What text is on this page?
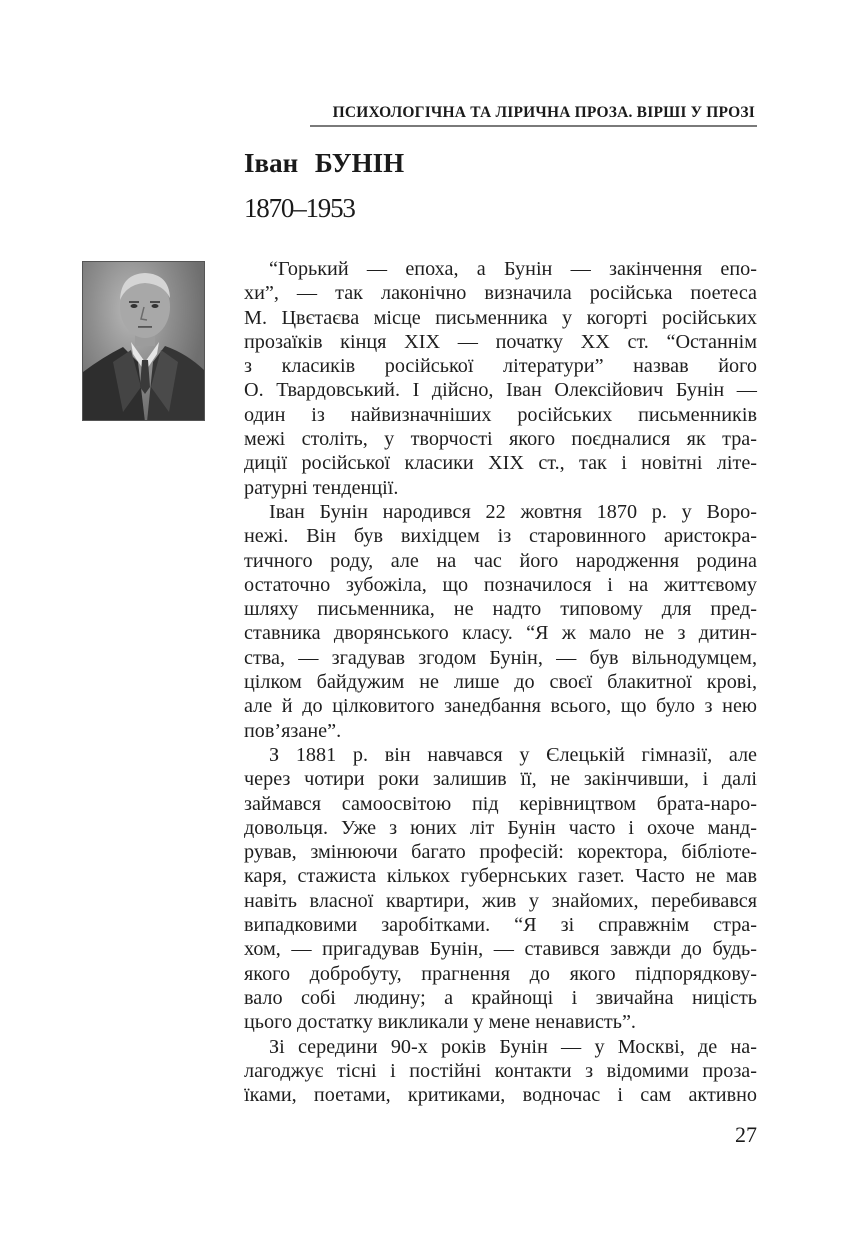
ПСИХОЛОГІЧНА ТА ЛІРИЧНА ПРОЗА. ВІРШІ У ПРОЗІ
Іван БУНІН
1870–1953
“Горький — епоха, а Бунін — закінчення епо-
хи”, — так лаконічно визначила російська поетеса
М. Цвєтаєва місце письменника у когорті російських
прозаїків кінця XIX — початку XX ст. “Останнім
з класиків російської літератури” назвав його
О. Твардовський. І дійсно, Іван Олексійович Бунін —
один із найвизначніших російських письменників
межі століть, у творчості якого поєдналися як тра-
диції російської класики XIX ст., так і новітні літе-
ратурні тенденції.
Іван Бунін народився 22 жовтня 1870 р. у Воро-
нежі. Він був вихідцем із старовинного аристокра-
тичного роду, але на час його народження родина
остаточно зубожіла, що позначилося і на життєвому
шляху письменника, не надто типовому для пред-
ставника дворянського класу. “Я ж мало не з дитин-
ства, — згадував згодом Бунін, — був вільнодумцем,
цілком байдужим не лише до своєї блакитної крові,
але й до цілковитого занедбання всього, що було з нею
пов’язане”.
З 1881 р. він навчався у Єлецькій гімназії, але
через чотири роки залишив її, не закінчивши, і далі
займався самоосвітою під керівництвом брата-наро-
довольця. Уже з юних літ Бунін часто і охоче манд-
рував, змінюючи багато професій: коректора, бібліоте-
каря, стажиста кількох губернських газет. Часто не мав
навіть власної квартири, жив у знайомих, перебивався
випадковими заробітками. “Я зі справжнім стра-
хом, — пригадував Бунін, — ставився завжди до будь-
якого добробуту, прагнення до якого підпорядкову-
вало собі людину; а крайнощі і звичайна ницість
цього достатку викликали у мене ненависть”.
Зі середини 90-х років Бунін — у Москві, де на-
лагоджує тісні і постійні контакти з відомими проза-
їками, поетами, критиками, водночас і сам активно
27
